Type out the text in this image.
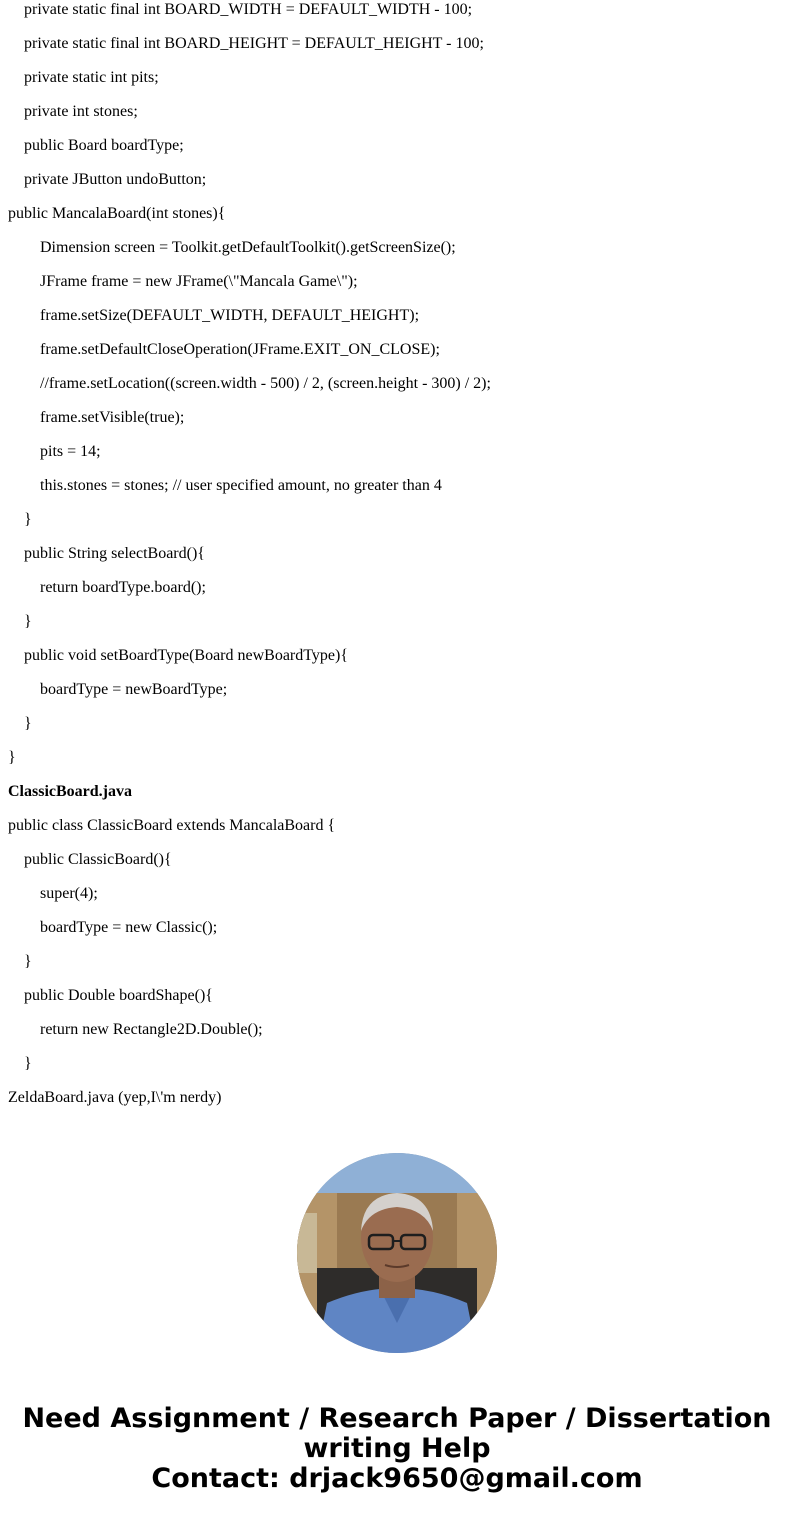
private static final int BOARD_WIDTH = DEFAULT_WIDTH - 100;
private static final int BOARD_HEIGHT = DEFAULT_HEIGHT - 100;
private static int pits;
private int stones;
public Board boardType;
private JButton undoButton;
public MancalaBoard(int stones){
Dimension screen = Toolkit.getDefaultToolkit().getScreenSize();
JFrame frame = new JFrame(\"Mancala Game\");
frame.setSize(DEFAULT_WIDTH, DEFAULT_HEIGHT);
frame.setDefaultCloseOperation(JFrame.EXIT_ON_CLOSE);
//frame.setLocation((screen.width - 500) / 2, (screen.height - 300) / 2);
frame.setVisible(true);
pits = 14;
this.stones = stones; // user specified amount, no greater than 4
}
public String selectBoard(){
return boardType.board();
}
public void setBoardType(Board newBoardType){
boardType = newBoardType;
}
}
ClassicBoard.java
public class ClassicBoard extends MancalaBoard {
public ClassicBoard(){
super(4);
boardType = new Classic();
}
public Double boardShape(){
return new Rectangle2D.Double();
}
ZeldaBoard.java (yep,I\'m nerdy)
Need Assignment / Research Paper / Dissertation
writing Help
Contact: drjack9650@gmail.com
